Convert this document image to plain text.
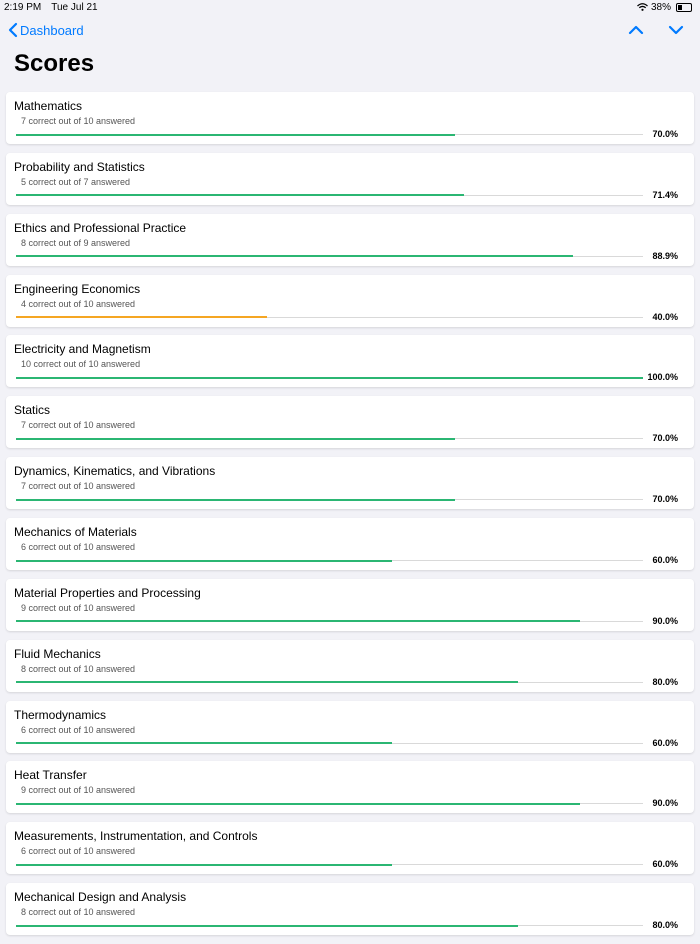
2:19 PM Tue Jul 21	38%
Dashboard
Scores
Mathematics
7 correct out of 10 answered
70.0%
Probability and Statistics
5 correct out of 7 answered
71.4%
Ethics and Professional Practice
8 correct out of 9 answered
88.9%
Engineering Economics
4 correct out of 10 answered
40.0%
Electricity and Magnetism
10 correct out of 10 answered
100.0%
Statics
7 correct out of 10 answered
70.0%
Dynamics, Kinematics, and Vibrations
7 correct out of 10 answered
70.0%
Mechanics of Materials
6 correct out of 10 answered
60.0%
Material Properties and Processing
9 correct out of 10 answered
90.0%
Fluid Mechanics
8 correct out of 10 answered
80.0%
Thermodynamics
6 correct out of 10 answered
60.0%
Heat Transfer
9 correct out of 10 answered
90.0%
Measurements, Instrumentation, and Controls
6 correct out of 10 answered
60.0%
Mechanical Design and Analysis
8 correct out of 10 answered
80.0%
